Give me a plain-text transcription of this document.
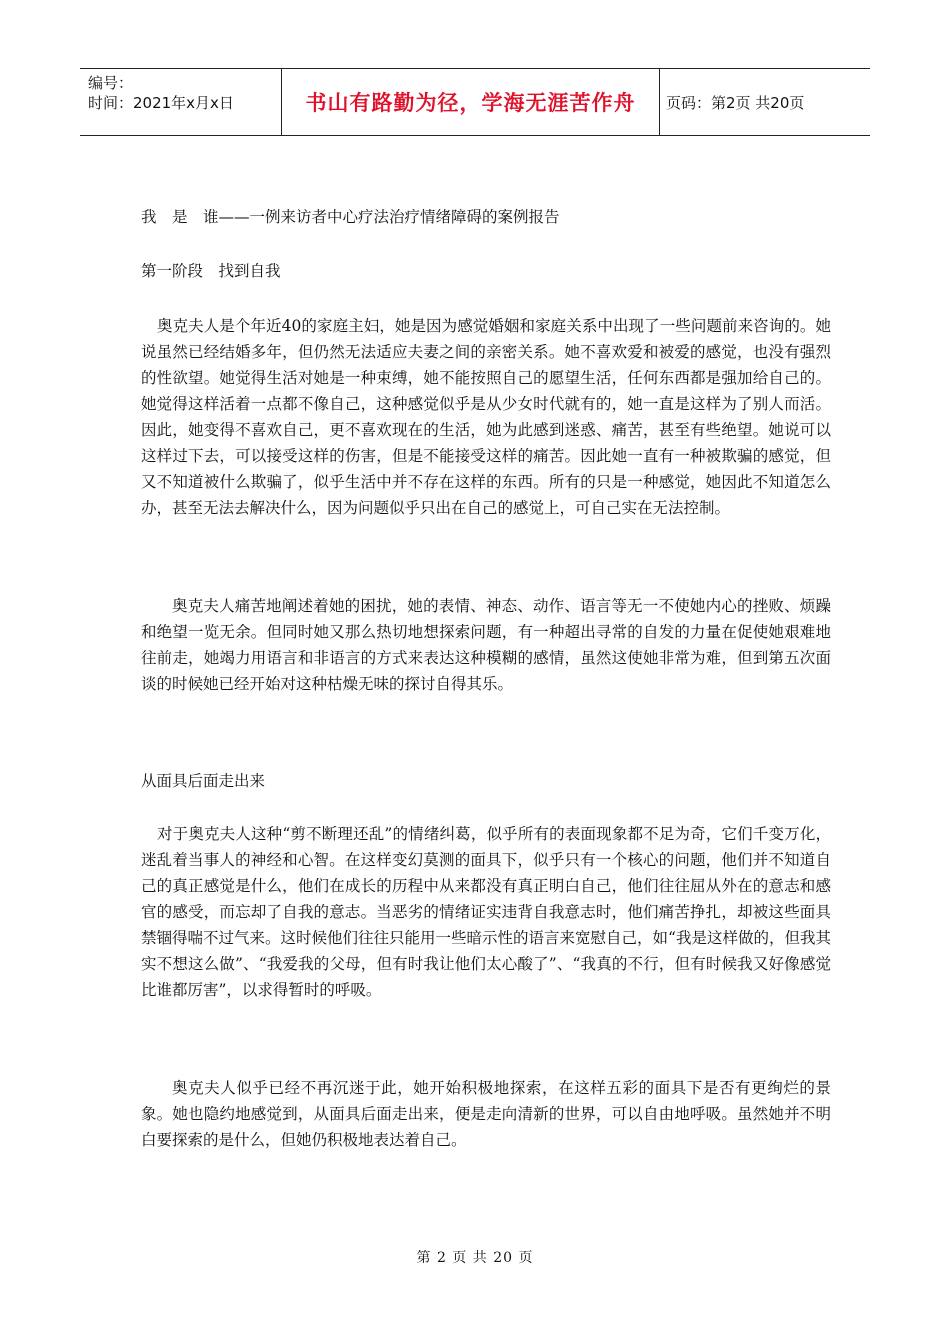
编号：
时间：2021年x月x日	书山有路勤为径，学海无涯苦作舟	页码：第2页 共20页

我　是　谁——一例来访者中心疗法治疗情绪障碍的案例报告

第一阶段　找到自我

奥克夫人是个年近40的家庭主妇，她是因为感觉婚姻和家庭关系中出现了一些问题前来咨询的。她说虽然已经结婚多年，但仍然无法适应夫妻之间的亲密关系。她不喜欢爱和被爱的感觉，也没有强烈的性欲望。她觉得生活对她是一种束缚，她不能按照自己的愿望生活，任何东西都是强加给自己的。她觉得这样活着一点都不像自己，这种感觉似乎是从少女时代就有的，她一直是这样为了别人而活。因此，她变得不喜欢自己，更不喜欢现在的生活，她为此感到迷惑、痛苦，甚至有些绝望。她说可以这样过下去，可以接受这样的伤害，但是不能接受这样的痛苦。因此她一直有一种被欺骗的感觉，但又不知道被什么欺骗了，似乎生活中并不存在这样的东西。所有的只是一种感觉，她因此不知道怎么办，甚至无法去解决什么，因为问题似乎只出在自己的感觉上，可自己实在无法控制。

奥克夫人痛苦地阐述着她的困扰，她的表情、神态、动作、语言等无一不使她内心的挫败、烦躁和绝望一览无余。但同时她又那么热切地想探索问题，有一种超出寻常的自发的力量在促使她艰难地往前走，她竭力用语言和非语言的方式来表达这种模糊的感情，虽然这使她非常为难，但到第五次面谈的时候她已经开始对这种枯燥无味的探讨自得其乐。

从面具后面走出来

对于奥克夫人这种“剪不断理还乱”的情绪纠葛，似乎所有的表面现象都不足为奇，它们千变万化，迷乱着当事人的神经和心智。在这样变幻莫测的面具下，似乎只有一个核心的问题，他们并不知道自己的真正感觉是什么，他们在成长的历程中从来都没有真正明白自己，他们往往屈从外在的意志和感官的感受，而忘却了自我的意志。当恶劣的情绪证实违背自我意志时，他们痛苦挣扎，却被这些面具禁锢得喘不过气来。这时候他们往往只能用一些暗示性的语言来宽慰自己，如“我是这样做的，但我其实不想这么做”、“我爱我的父母，但有时我让他们太心酸了”、“我真的不行，但有时候我又好像感觉比谁都厉害”，以求得暂时的呼吸。

奥克夫人似乎已经不再沉迷于此，她开始积极地探索，在这样五彩的面具下是否有更绚烂的景象。她也隐约地感觉到，从面具后面走出来，便是走向清新的世界，可以自由地呼吸。虽然她并不明白要探索的是什么，但她仍积极地表达着自己。

第 2 页 共 20 页
